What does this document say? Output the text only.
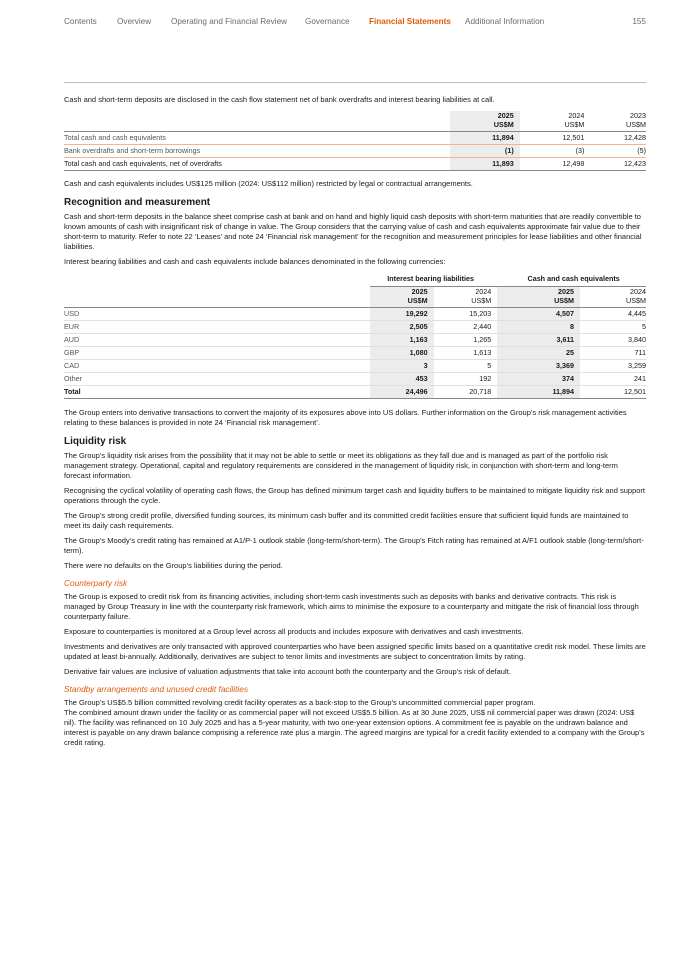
Contents Overview Operating and Financial Review Governance Financial Statements Additional Information	155

Cash and short-term deposits are disclosed in the cash flow statement net of bank overdrafts and interest bearing liabilities at call.

	2025
US$M	2024
US$M	2023
US$M
Total cash and cash equivalents	11,894	12,501	12,428
Bank overdrafts and short-term borrowings	(1)	(3)	(5)
Total cash and cash equivalents, net of overdrafts	11,893	12,498	12,423

Cash and cash equivalents includes US$125 million (2024: US$112 million) restricted by legal or contractual arrangements.

Recognition and measurement

Cash and short-term deposits in the balance sheet comprise cash at bank and on hand and highly liquid cash deposits with short-term maturities that are readily convertible to known amounts of cash with insignificant risk of change in value. The Group considers that the carrying value of cash and cash equivalents approximate fair value due to their short-term to maturity. Refer to note 22 ‘Leases’ and note 24 ‘Financial risk management’ for the recognition and measurement principles for lease liabilities and other financial liabilities.

Interest bearing liabilities and cash and cash equivalents include balances denominated in the following currencies:

	Interest bearing liabilities		Cash and cash equivalents	
	2025
US$M	2024
US$M	2025
US$M	2024
US$M
USD	19,292	15,203	4,507	4,445
EUR	2,505	2,440	8	5
AUD	1,163	1,265	3,611	3,840
GBP	1,080	1,613	25	711
CAD	3	5	3,369	3,259
Other	453	192	374	241
Total	24,496	20,718	11,894	12,501

The Group enters into derivative transactions to convert the majority of its exposures above into US dollars. Further information on the Group’s risk management activities relating to these balances is provided in note 24 ‘Financial risk management’.

Liquidity risk

The Group’s liquidity risk arises from the possibility that it may not be able to settle or meet its obligations as they fall due and is managed as part of the portfolio risk management strategy. Operational, capital and regulatory requirements are considered in the management of liquidity risk, in conjunction with short-term and long-term forecast information.

Recognising the cyclical volatility of operating cash flows, the Group has defined minimum target cash and liquidity buffers to be maintained to mitigate liquidity risk and support operations through the cycle.

The Group’s strong credit profile, diversified funding sources, its minimum cash buffer and its committed credit facilities ensure that sufficient liquid funds are maintained to meet its daily cash requirements.

The Group’s Moody’s credit rating has remained at A1/P-1 outlook stable (long-term/short-term). The Group’s Fitch rating has remained at A/F1 outlook stable (long-term/short-term).

There were no defaults on the Group’s liabilities during the period.

Counterparty risk

The Group is exposed to credit risk from its financing activities, including short-term cash investments such as deposits with banks and derivative contracts. This risk is managed by Group Treasury in line with the counterparty risk framework, which aims to minimise the exposure to a counterparty and mitigate the risk of financial loss through counterparty failure.

Exposure to counterparties is monitored at a Group level across all products and includes exposure with derivatives and cash investments.

Investments and derivatives are only transacted with approved counterparties who have been assigned specific limits based on a quantitative credit risk model. These limits are updated at least bi-annually. Additionally, derivatives are subject to tenor limits and investments are subject to concentration limits by rating.

Derivative fair values are inclusive of valuation adjustments that take into account both the counterparty and the Group’s risk of default.

Standby arrangements and unused credit facilities

The Group’s US$5.5 billion committed revolving credit facility operates as a back-stop to the Group’s uncommitted commercial paper program.

The combined amount drawn under the facility or as commercial paper will not exceed US$5.5 billion. As at 30 June 2025, US$ nil commercial paper was drawn (2024: US$ nil). The facility was refinanced on 10 July 2025 and has a 5-year maturity, with two one-year extension options. A commitment fee is payable on the undrawn balance and interest is payable on any drawn balance comprising a reference rate plus a margin. The agreed margins are typical for a credit facility extended to a company with the Group’s credit rating.
